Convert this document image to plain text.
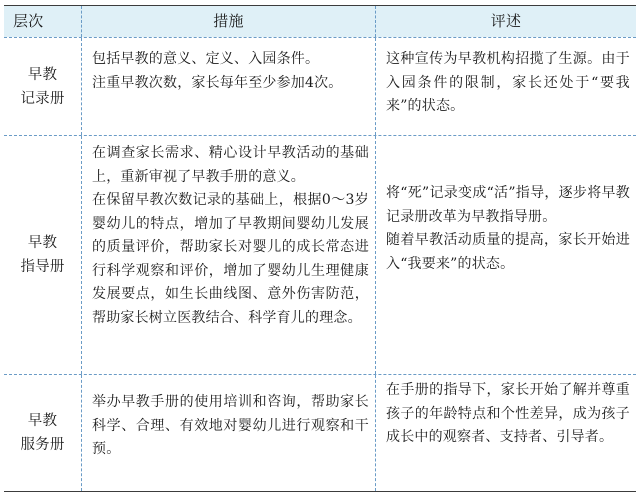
层次	措施	评述
早教
记录册

包括早教的意义、定义、入园条件。

注重早教次数，家长每年至少参加4次。

这种宣传为早教机构招揽了生源。由于入园条件的限制，家长还处于“要我来”的状态。

早教
指导册

在调查家长需求、精心设计早教活动的基础上，重新审视了早教手册的意义。

在保留早教次数记录的基础上，根据0～3岁婴幼儿的特点，增加了早教期间婴幼儿发展的质量评价，帮助家长对婴儿的成长常态进行科学观察和评价，增加了婴幼儿生理健康发展要点，如生长曲线图、意外伤害防范，帮助家长树立医教结合、科学育儿的理念。

将“死”记录变成“活”指导，逐步将早教记录册改革为早教指导册。

随着早教活动质量的提高，家长开始进入“我要来”的状态。

早教
服务册

举办早教手册的使用培训和咨询，帮助家长科学、合理、有效地对婴幼儿进行观察和干预。

在手册的指导下，家长开始了解并尊重孩子的年龄特点和个性差异，成为孩子成长中的观察者、支持者、引导者。
